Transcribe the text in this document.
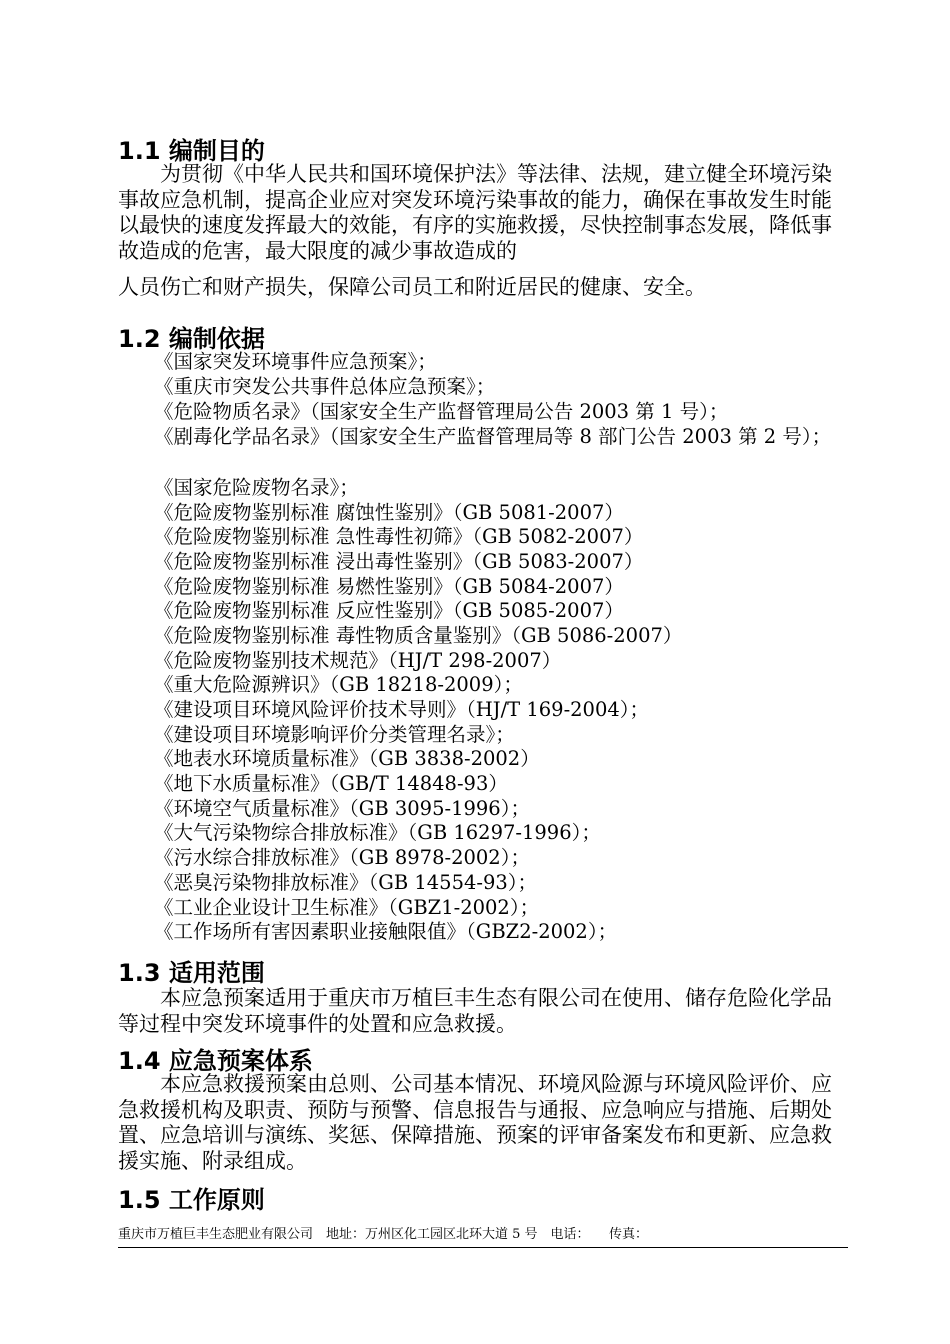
1.1 编制目的
为贯彻《中华人民共和国环境保护法》等法律、法规，建立健全环境污染事故应急机制，提高企业应对突发环境污染事故的能力，确保在事故发生时能以最快的速度发挥最大的效能，有序的实施救援，尽快控制事态发展，降低事故造成的危害，最大限度的减少事故造成的
人员伤亡和财产损失，保障公司员工和附近居民的健康、安全。
1.2 编制依据
《国家突发环境事件应急预案》；
《重庆市突发公共事件总体应急预案》；
《危险物质名录》（国家安全生产监督管理局公告 2003 第 1 号）；
《剧毒化学品名录》（国家安全生产监督管理局等 8 部门公告 2003 第 2 号）；
《国家危险废物名录》；
《危险废物鉴别标准 腐蚀性鉴别》（GB 5081-2007）
《危险废物鉴别标准 急性毒性初筛》（GB 5082-2007）
《危险废物鉴别标准 浸出毒性鉴别》（GB 5083-2007）
《危险废物鉴别标准 易燃性鉴别》（GB 5084-2007）
《危险废物鉴别标准 反应性鉴别》（GB 5085-2007）
《危险废物鉴别标准 毒性物质含量鉴别》（GB 5086-2007）
《危险废物鉴别技术规范》（HJ/T 298-2007）
《重大危险源辨识》（GB 18218-2009）；
《建设项目环境风险评价技术导则》（HJ/T 169-2004）；
《建设项目环境影响评价分类管理名录》；
《地表水环境质量标准》（GB 3838-2002）
《地下水质量标准》（GB/T 14848-93）
《环境空气质量标准》（GB 3095-1996）；
《大气污染物综合排放标准》（GB 16297-1996）；
《污水综合排放标准》（GB 8978-2002）；
《恶臭污染物排放标准》（GB 14554-93）；
《工业企业设计卫生标准》（GBZ1-2002）；
《工作场所有害因素职业接触限值》（GBZ2-2002）；
1.3 适用范围
本应急预案适用于重庆市万植巨丰生态有限公司在使用、储存危险化学品等过程中突发环境事件的处置和应急救援。
1.4 应急预案体系
本应急救援预案由总则、公司基本情况、环境风险源与环境风险评价、应急救援机构及职责、预防与预警、信息报告与通报、应急响应与措施、后期处置、应急培训与演练、奖惩、保障措施、预案的评审备案发布和更新、应急救援实施、附录组成。
1.5 工作原则
重庆市万植巨丰生态肥业有限公司　地址：万州区化工园区北环大道 5 号　电话：　　传真：
